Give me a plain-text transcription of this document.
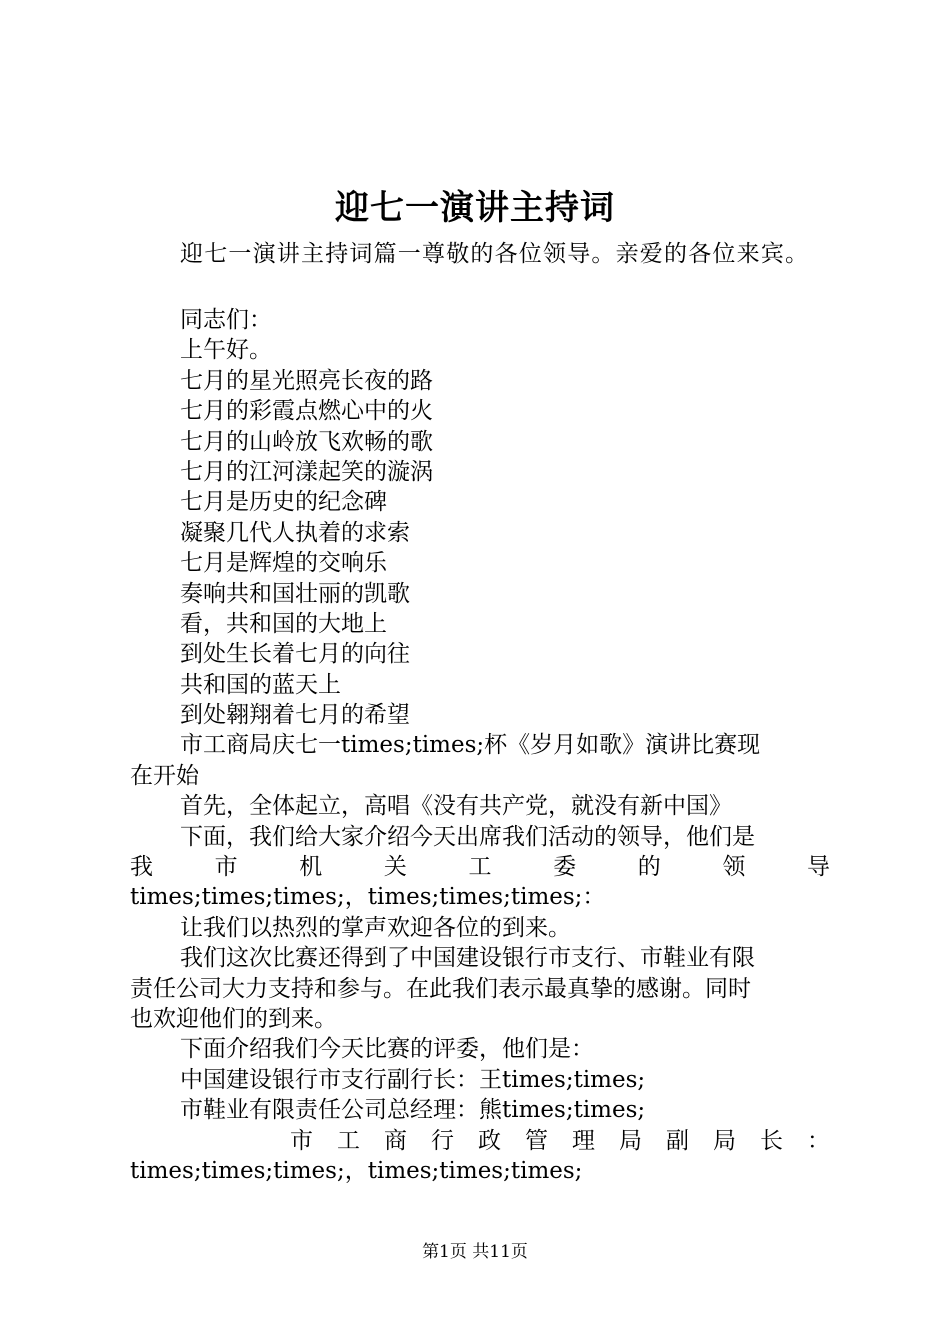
迎七一演讲主持词
迎七一演讲主持词篇一尊敬的各位领导。亲爱的各位来宾。
同志们：
上午好。
七月的星光照亮长夜的路
七月的彩霞点燃心中的火
七月的山岭放飞欢畅的歌
七月的江河漾起笑的漩涡
七月是历史的纪念碑
凝聚几代人执着的求索
七月是辉煌的交响乐
奏响共和国壮丽的凯歌
看，共和国的大地上
到处生长着七月的向往
共和国的蓝天上
到处翱翔着七月的希望
市工商局庆七一times;times;杯《岁月如歌》演讲比赛现
在开始
首先，全体起立，高唱《没有共产党，就没有新中国》
下面，我们给大家介绍今天出席我们活动的领导，他们是
我	市	机	关	工	委	的	领	导
times;times;times;，times;times;times;：
让我们以热烈的掌声欢迎各位的到来。
我们这次比赛还得到了中国建设银行市支行、市鞋业有限
责任公司大力支持和参与。在此我们表示最真挚的感谢。同时
也欢迎他们的到来。
下面介绍我们今天比赛的评委，他们是：
中国建设银行市支行副行长：王times;times;
市鞋业有限责任公司总经理：熊times;times;
市 工 商 行 政 管 理 局 副 局 长 ：
times;times;times;，times;times;times;
第1页 共11页
